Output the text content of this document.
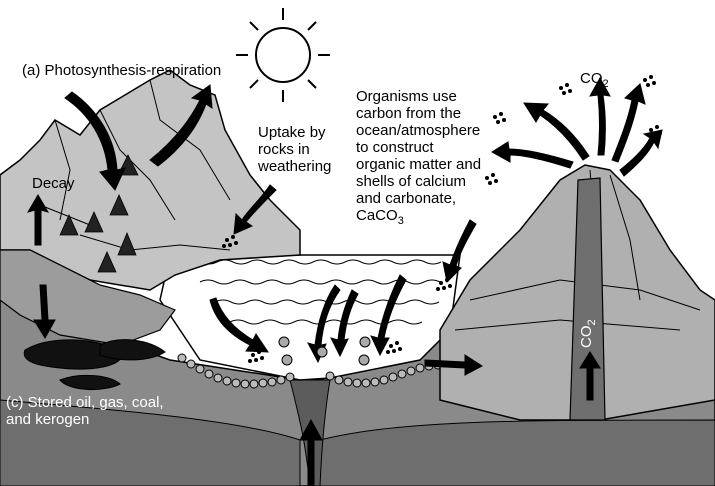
(a) Photosynthesis-respiration
Decay
Uptake by
rocks in
weathering
Organisms use
carbon from the
ocean/atmosphere
to construct
organic matter and
shells of calcium
and carbonate,
CaCO$_3$
$CO_2$
(c) Stored oil, gas, coal,
and kerogen
$CO_2$
